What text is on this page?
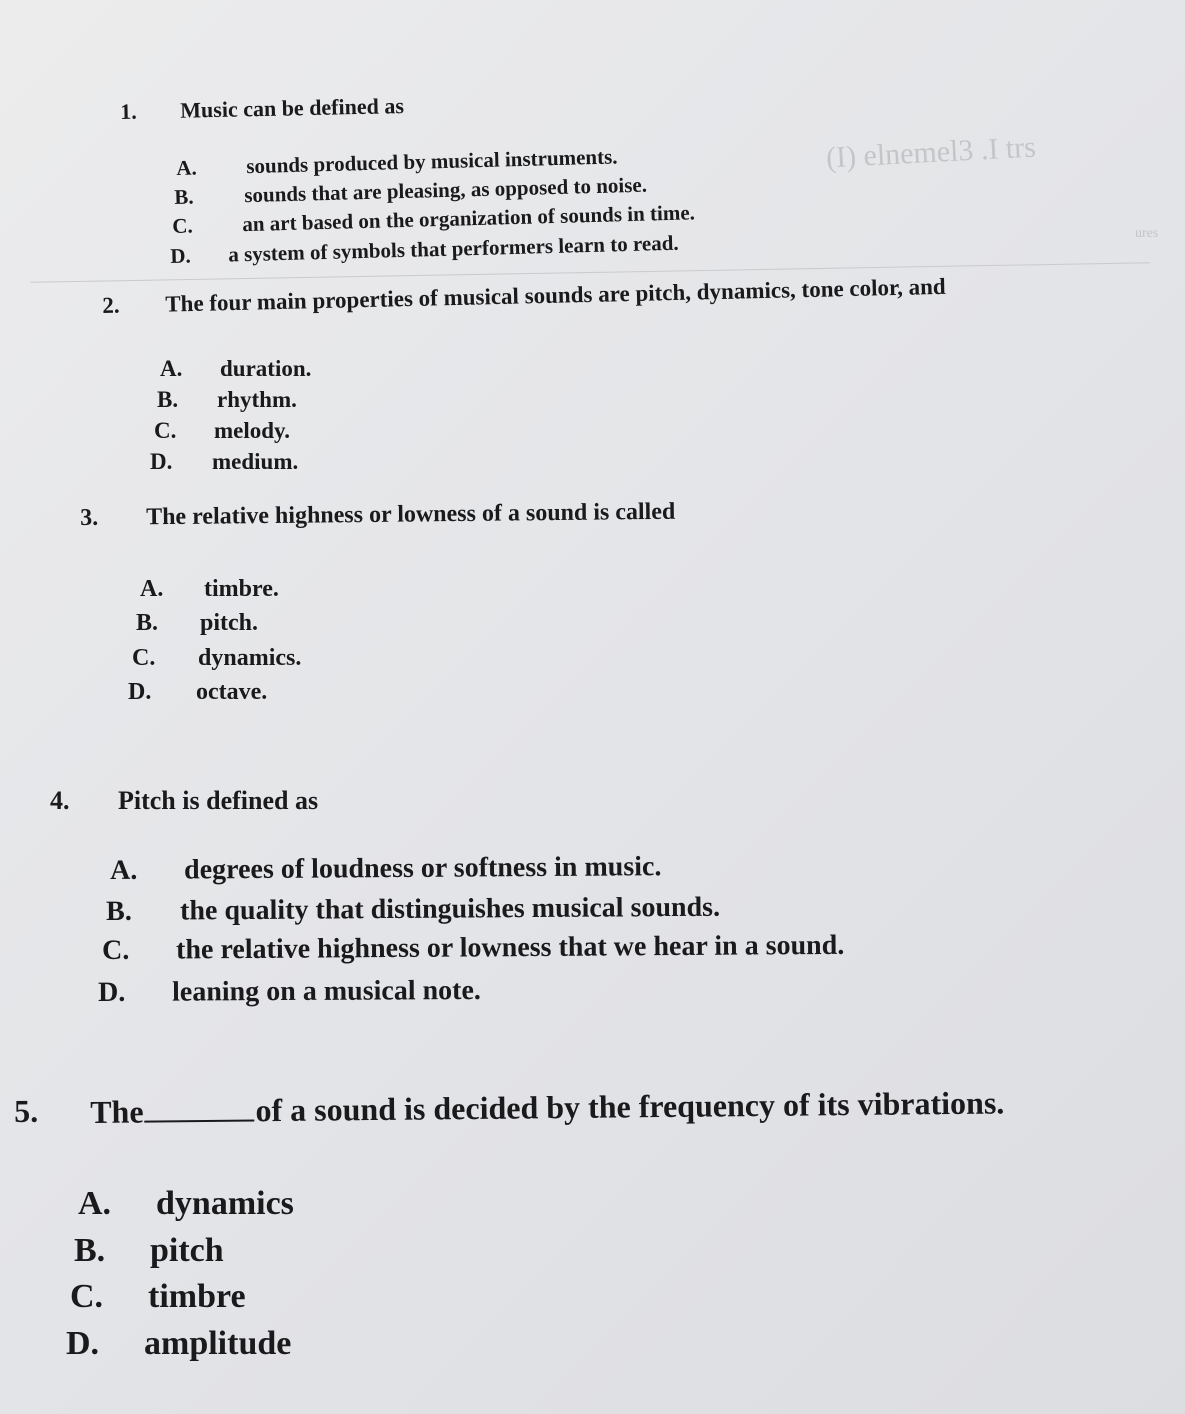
(I) elnemel3 .I trs
ures
1. Music can be defined as
A. sounds produced by musical instruments.
B. sounds that are pleasing, as opposed to noise.
C. an art based on the organization of sounds in time.
D. a system of symbols that performers learn to read.
2. The four main properties of musical sounds are pitch, dynamics, tone color, and
A. duration.
B. rhythm.
C. melody.
D. medium.
3. The relative highness or lowness of a sound is called
A. timbre.
B. pitch.
C. dynamics.
D. octave.
4. Pitch is defined as
A. degrees of loudness or softness in music.
B. the quality that distinguishes musical sounds.
C. the relative highness or lowness that we hear in a sound.
D. leaning on a musical note.
5. The	of a sound is decided by the frequency of its vibrations.
A. dynamics
B. pitch
C. timbre
D. amplitude
